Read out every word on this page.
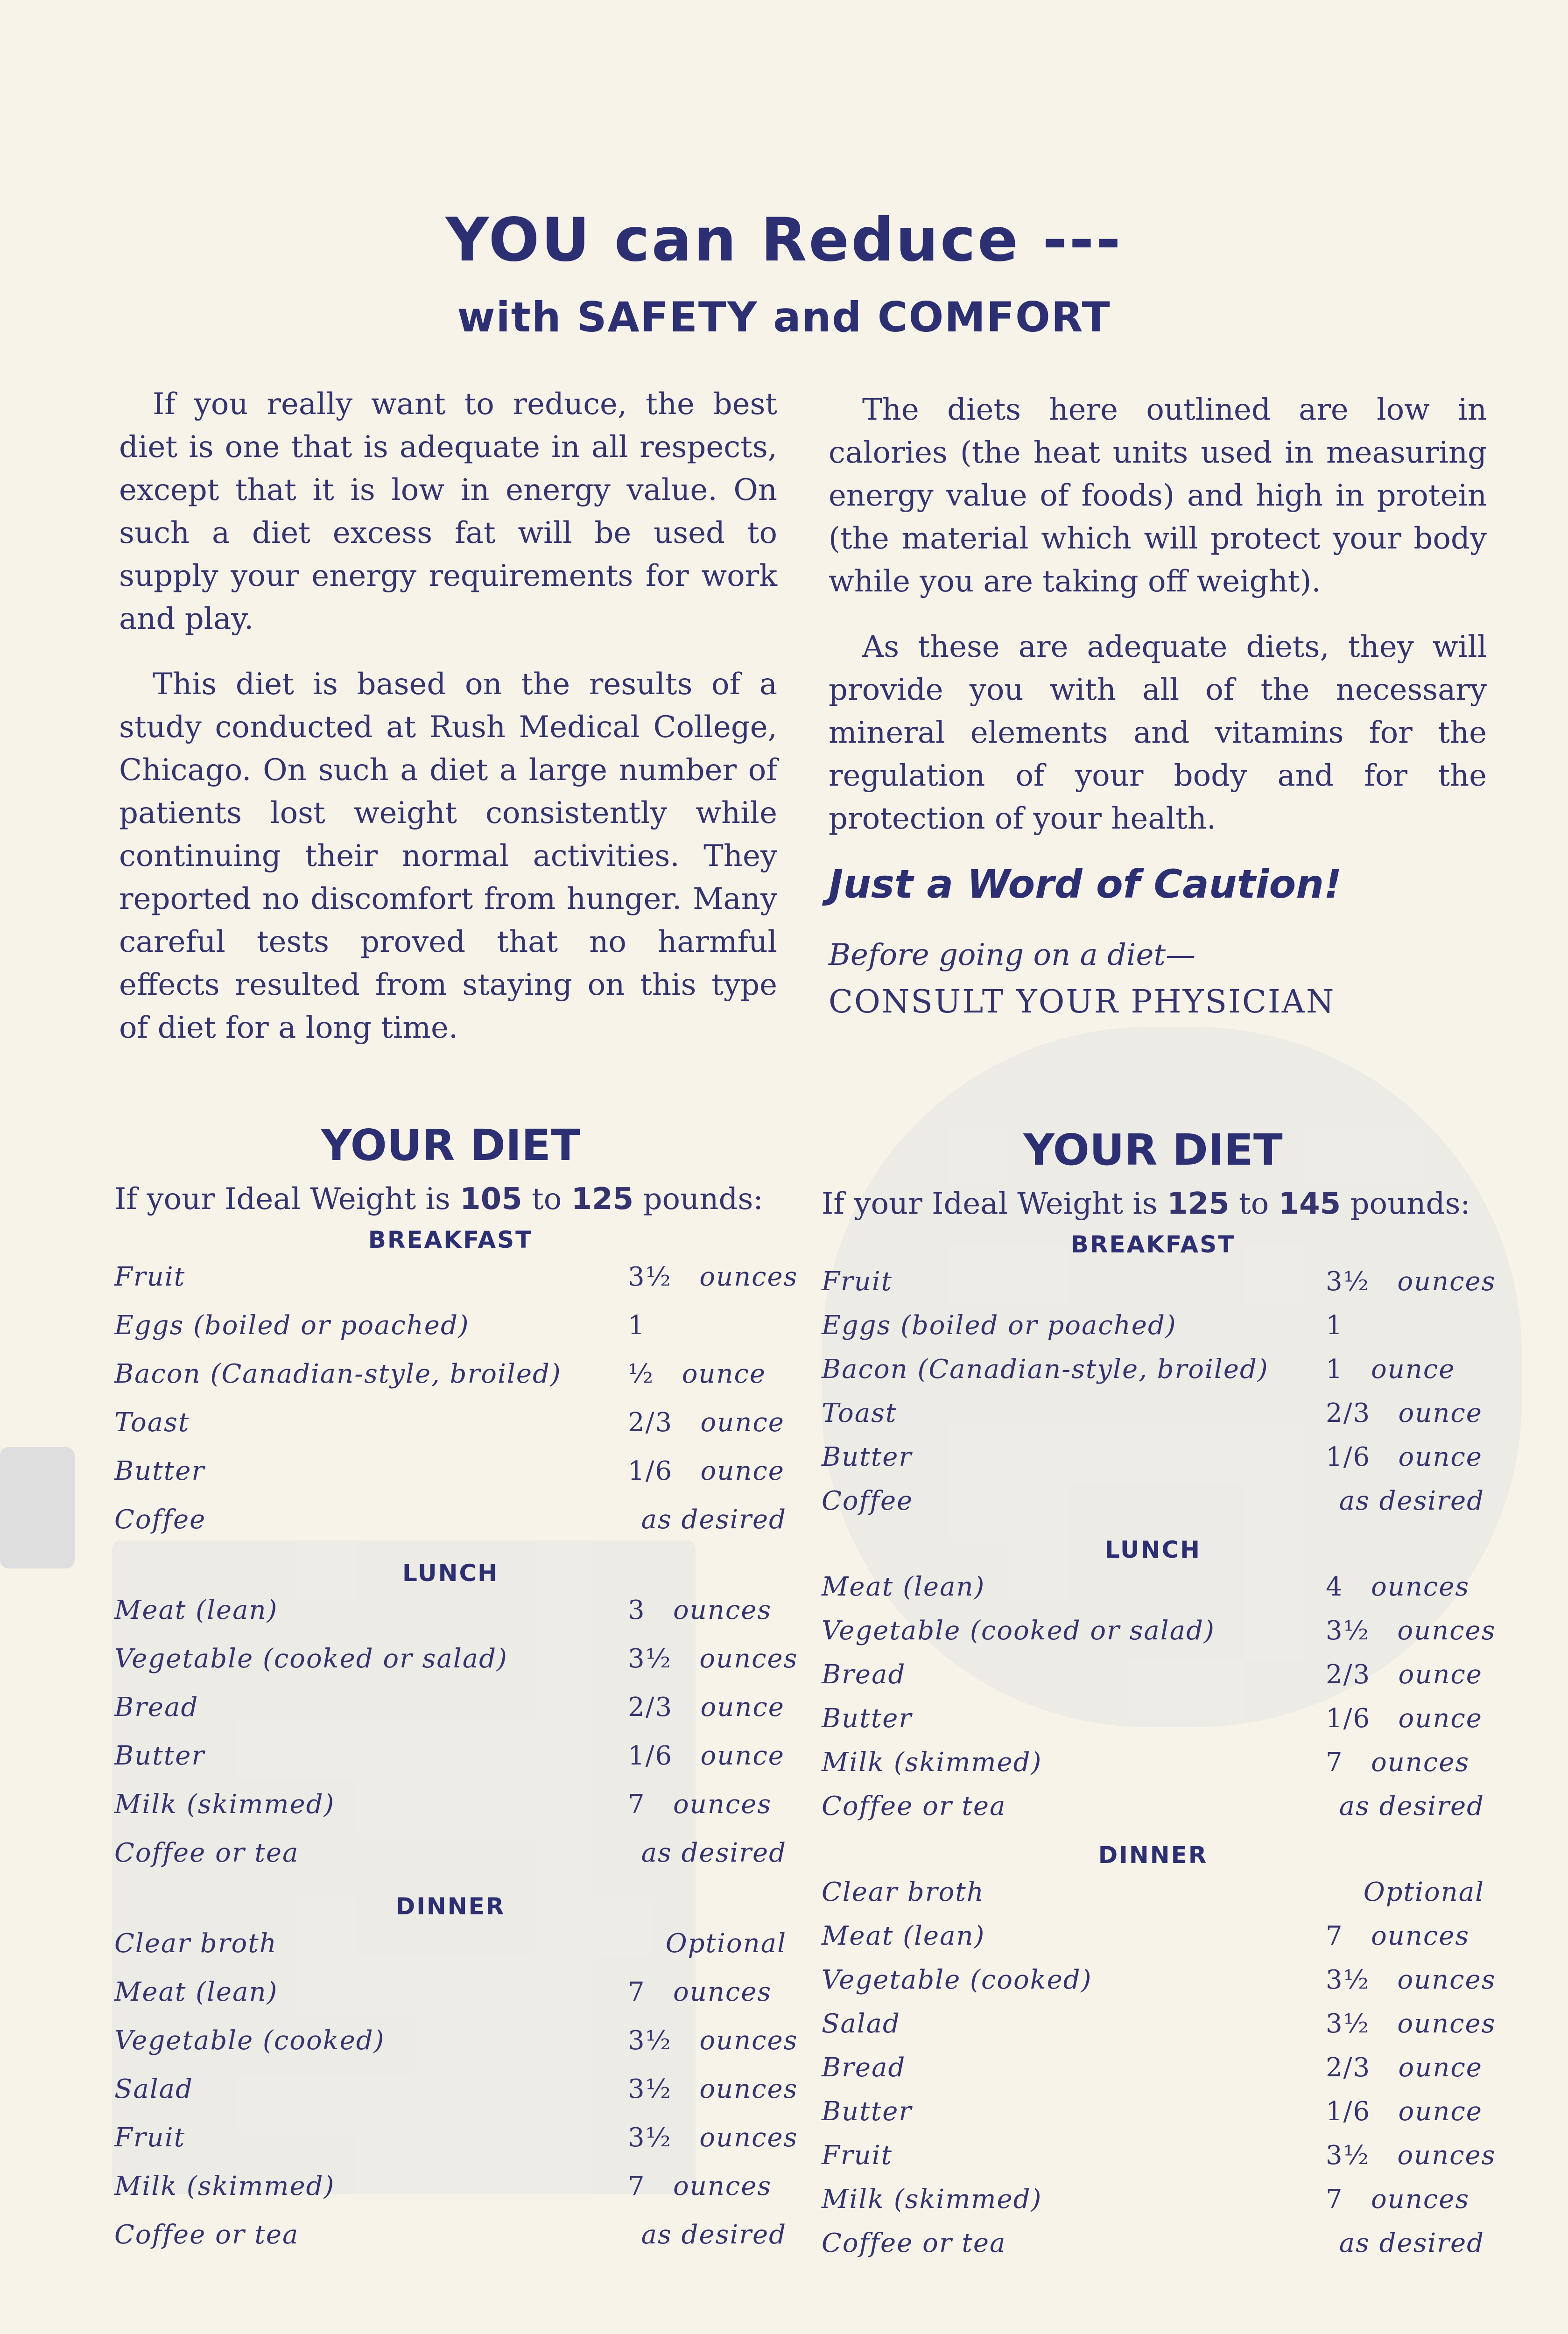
YOU can Reduce ---
with SAFETY and COMFORT

If you really want to reduce, the best diet is one that is adequate in all respects, except that it is low in energy value. On such a diet excess fat will be used to supply your energy requirements for work and play.

This diet is based on the results of a study conducted at Rush Medical College, Chicago. On such a diet a large number of patients lost weight consistently while continuing their normal activities. They reported no discomfort from hunger. Many careful tests proved that no harmful effects resulted from staying on this type of diet for a long time.

The diets here outlined are low in calories (the heat units used in measuring energy value of foods) and high in protein (the material which will protect your body while you are taking off weight).

As these are adequate diets, they will provide you with all of the necessary mineral elements and vitamins for the regulation of your body and for the protection of your health.

Just a Word of Caution!
Before going on a diet—
CONSULT YOUR PHYSICIAN
YOUR DIET
If your Ideal Weight is 105 to 125 pounds:
BREAKFAST
Fruit	3½ ounces
Eggs (boiled or poached)	1
Bacon (Canadian-style, broiled)	½ ounce
Toast	2/3 ounce
Butter	1/6 ounce
Coffee	as desired
LUNCH
Meat (lean)	3 ounces
Vegetable (cooked or salad)	3½ ounces
Bread	2/3 ounce
Butter	1/6 ounce
Milk (skimmed)	7 ounces
Coffee or tea	as desired
DINNER
Clear broth	Optional
Meat (lean)	7 ounces
Vegetable (cooked)	3½ ounces
Salad	3½ ounces
Fruit	3½ ounces
Milk (skimmed)	7 ounces
Coffee or tea	as desired
YOUR DIET
If your Ideal Weight is 125 to 145 pounds:
BREAKFAST
Fruit	3½ ounces
Eggs (boiled or poached)	1
Bacon (Canadian-style, broiled)	1 ounce
Toast	2/3 ounce
Butter	1/6 ounce
Coffee	as desired
LUNCH
Meat (lean)	4 ounces
Vegetable (cooked or salad)	3½ ounces
Bread	2/3 ounce
Butter	1/6 ounce
Milk (skimmed)	7 ounces
Coffee or tea	as desired
DINNER
Clear broth	Optional
Meat (lean)	7 ounces
Vegetable (cooked)	3½ ounces
Salad	3½ ounces
Bread	2/3 ounce
Butter	1/6 ounce
Fruit	3½ ounces
Milk (skimmed)	7 ounces
Coffee or tea	as desired
